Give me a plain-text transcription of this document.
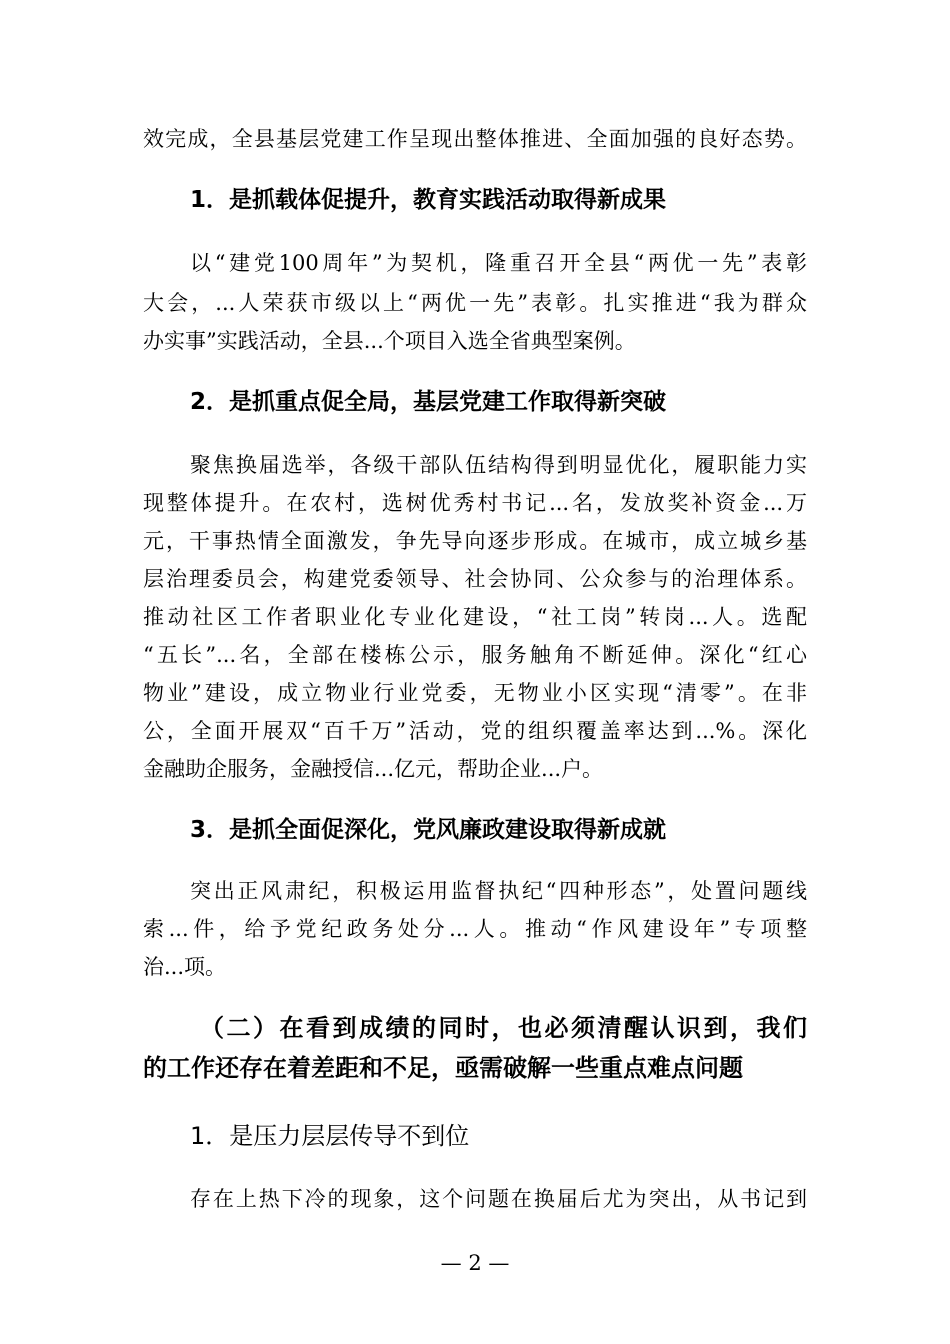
效完成，全县基层党建工作呈现出整体推进、全面加强的良好态势。
1．是抓载体促提升，教育实践活动取得新成果
以“建党100周年”为契机，隆重召开全县“两优一先”表彰
大会，...人荣获市级以上“两优一先”表彰。扎实推进“我为群众
办实事”实践活动，全县...个项目入选全省典型案例。
2．是抓重点促全局，基层党建工作取得新突破
聚焦换届选举，各级干部队伍结构得到明显优化，履职能力实
现整体提升。在农村，选树优秀村书记...名，发放奖补资金...万
元，干事热情全面激发，争先导向逐步形成。在城市，成立城乡基
层治理委员会，构建党委领导、社会协同、公众参与的治理体系。
推动社区工作者职业化专业化建设，“社工岗”转岗...人。选配
“五长”...名，全部在楼栋公示，服务触角不断延伸。深化“红心
物业”建设，成立物业行业党委，无物业小区实现“清零”。在非
公，全面开展双“百千万”活动，党的组织覆盖率达到...%。深化
金融助企服务，金融授信...亿元，帮助企业...户。
3．是抓全面促深化，党风廉政建设取得新成就
突出正风肃纪，积极运用监督执纪“四种形态”，处置问题线
索...件，给予党纪政务处分...人。推动“作风建设年”专项整
治...项。
（二）在看到成绩的同时，也必须清醒认识到，我们
的工作还存在着差距和不足，亟需破解一些重点难点问题
1．是压力层层传导不到位
存在上热下冷的现象，这个问题在换届后尤为突出，从书记到
— 2 —
